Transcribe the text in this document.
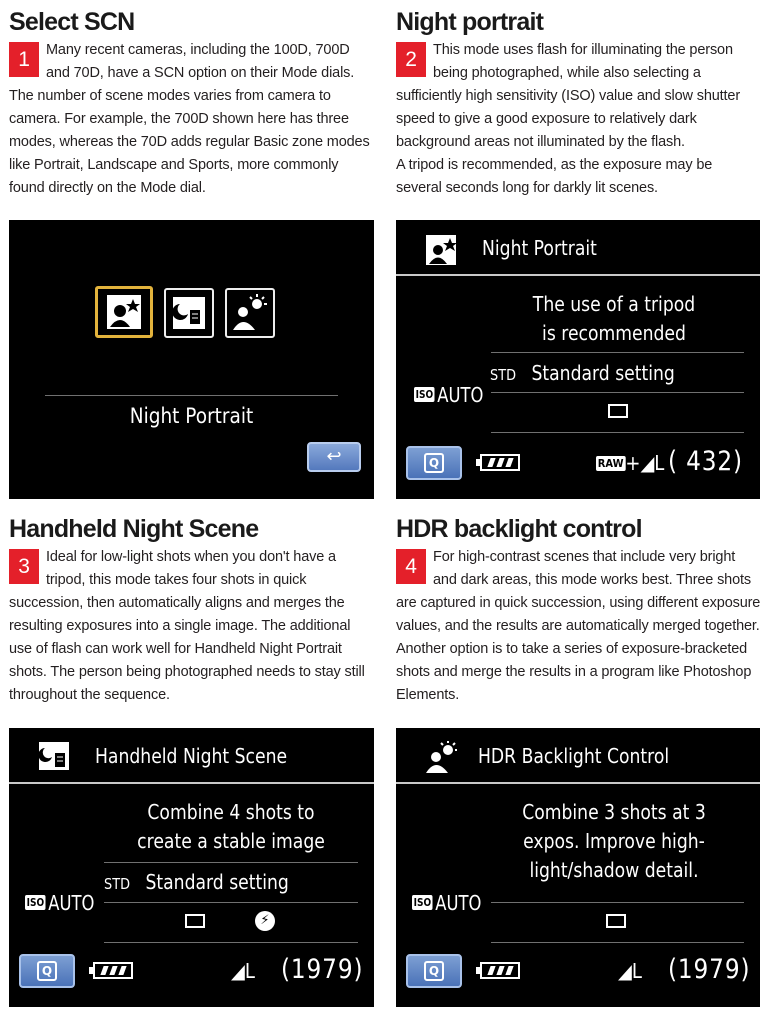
Select SCN

1	Many recent cameras, including the 100D, 700D and 70D, have a SCN option on their Mode dials. The number of scene modes varies from camera to camera. For example, the 700D shown here has three modes, whereas the 70D adds regular Basic zone modes like Portrait, Landscape and Sports, more commonly found directly on the Mode dial.

Night portrait

2	This mode uses flash for illuminating the person being photographed, while also selecting a sufficiently high sensitivity (ISO) value and slow shutter speed to give a good exposure to relatively dark background areas not illuminated by the flash.

A tripod is recommended, as the exposure may be several seconds long for darkly lit scenes.

Handheld Night Scene

3	Ideal for low-light shots when you don't have a tripod, this mode takes four shots in quick succession, then automatically aligns and merges the resulting exposures into a single image. The additional use of flash can work well for Handheld Night Portrait shots. The person being photographed needs to stay still throughout the sequence.

HDR backlight control

4	For high-contrast scenes that include very bright and dark areas, this mode works best. Three shots are captured in quick succession, using different exposure values, and the results are automatically merged together. Another option is to take a series of exposure-bracketed shots and merge the results in a program like Photoshop Elements.

Night Portrait
↩
Night Portrait
The use of a tripod
is recommended
STD Standard setting
ISO AUTO
Q	RAW+◢L ( 432)
Handheld Night Scene
Combine 4 shots to
create a stable image
STD Standard setting
ISO AUTO
⚡
Q	◢L (1979)
HDR Backlight Control
Combine 3 shots at 3
expos. Improve high-
light/shadow detail.
ISO AUTO
Q	◢L (1979)
